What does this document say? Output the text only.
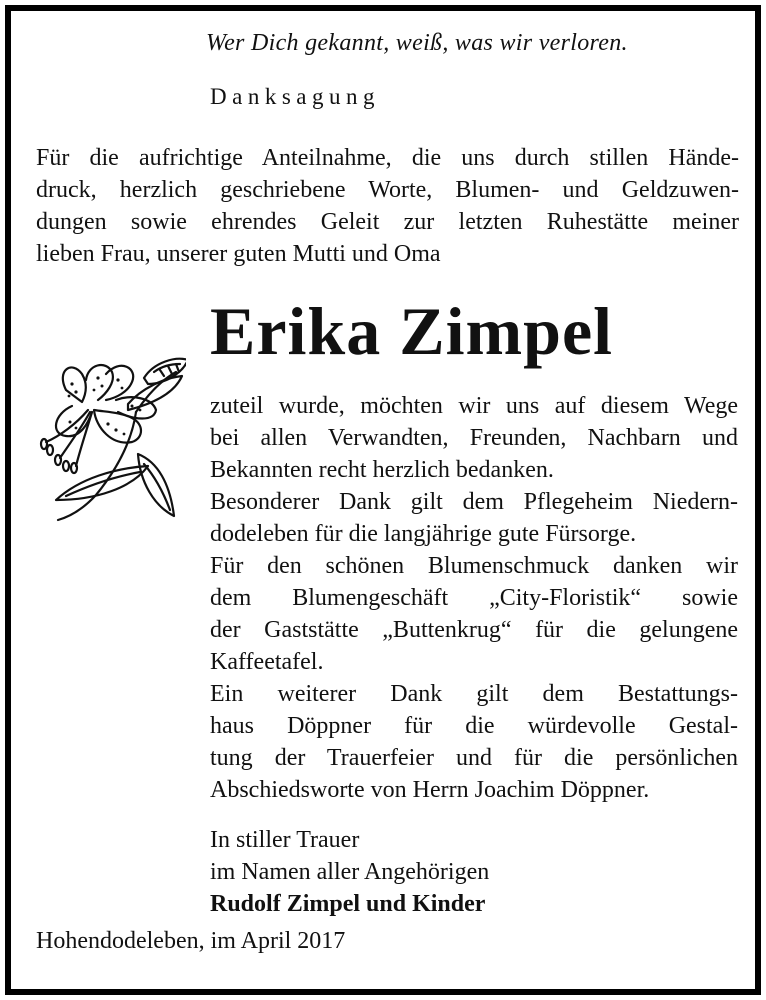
Wer Dich gekannt, weiß, was wir verloren.

Danksagung

Für die aufrichtige Anteilnahme, die uns durch stillen Hände-

druck, herzlich geschriebene Worte, Blumen- und Geldzuwen-

dungen sowie ehrendes Geleit zur letzten Ruhestätte meiner

lieben Frau, unserer guten Mutti und Oma

Erika Zimpel

zuteil wurde, möchten wir uns auf diesem Wege

bei allen Verwandten, Freunden, Nachbarn und

Bekannten recht herzlich bedanken.

Besonderer Dank gilt dem Pflegeheim Niedern-

dodeleben für die langjährige gute Fürsorge.

Für den schönen Blumenschmuck danken wir

dem Blumengeschäft „City-Floristik“ sowie

der Gaststätte „Buttenkrug“ für die gelungene

Kaffeetafel.

Ein weiterer Dank gilt dem Bestattungs-

haus Döppner für die würdevolle Gestal-

tung der Trauerfeier und für die persönlichen

Abschiedsworte von Herrn Joachim Döppner.

In stiller Trauer

im Namen aller Angehörigen

Rudolf Zimpel und Kinder

Hohendodeleben, im April 2017
